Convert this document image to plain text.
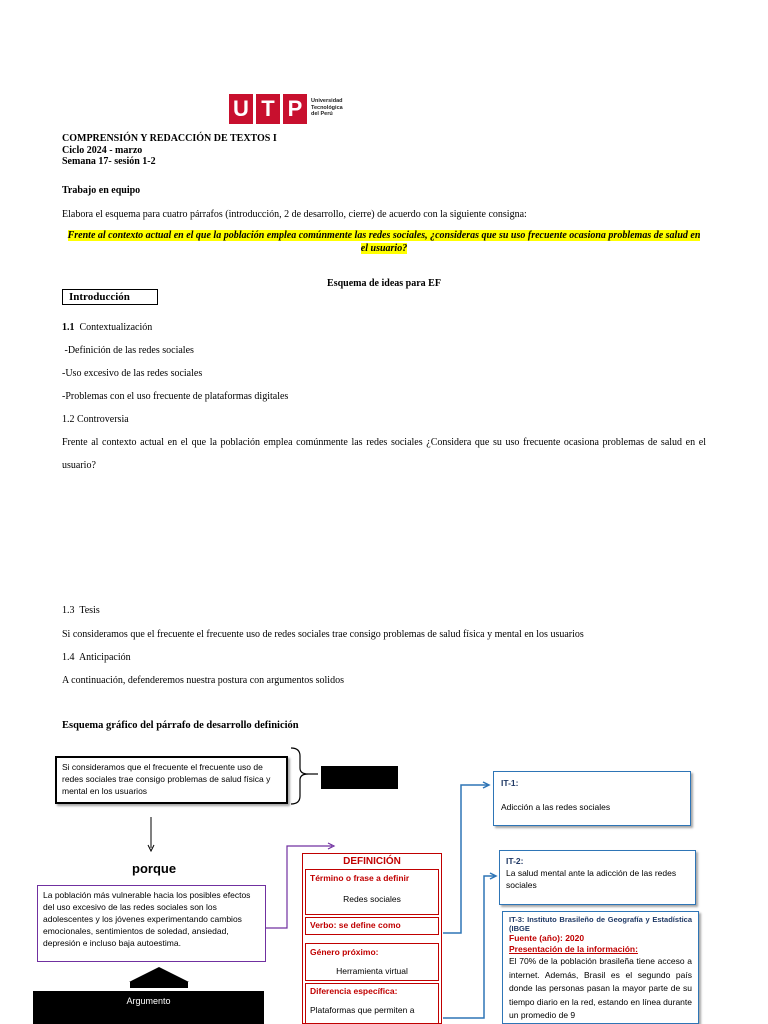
U T P	Universidad
Tecnológica
del Perú
COMPRENSIÓN Y REDACCIÓN DE TEXTOS I
Ciclo 2024 - marzo
Semana 17- sesión 1-2
Trabajo en equipo
Elabora el esquema para cuatro párrafos (introducción, 2 de desarrollo, cierre) de acuerdo con la siguiente consigna:
Frente al contexto actual en el que la población emplea comúnmente las redes sociales, ¿consideras que su uso frecuente ocasiona problemas de salud en
el usuario?
Esquema de ideas para EF
Introducción
1.1 Contextualización
-Definición de las redes sociales
-Uso excesivo de las redes sociales
-Problemas con el uso frecuente de plataformas digitales
1.2 Controversia
Frente al contexto actual en el que la población emplea comúnmente las redes sociales ¿Considera que su uso frecuente ocasiona problemas de salud en el
usuario?
1.3  Tesis
Si consideramos que el frecuente el frecuente uso de redes sociales trae consigo problemas de salud física y mental en los usuarios
1.4  Anticipación
A continuación, defenderemos nuestra postura con argumentos solidos
Esquema gráfico del párrafo de desarrollo definición
Si consideramos que el frecuente el frecuente uso de redes sociales trae consigo problemas de salud física y mental en los usuarios
porque
La población más vulnerable hacia los posibles efectos del uso excesivo de las redes sociales son los adolescentes y los jóvenes experimentando cambios emocionales, sentimientos de soledad, ansiedad, depresión e incluso baja autoestima.
Argumento
DEFINICIÓN
Término o frase a definir
Redes sociales
Verbo: se define como
Género próximo:
Herramienta virtual
Diferencia específica:
Plataformas que permiten a
IT-1:
Adicción a las redes sociales
IT-2:
La salud mental ante la adicción de las redes sociales
IT-3: Instituto Brasileño de Geografía y Estadística (IBGE
Fuente (año): 2020
Presentación de la información:
El 70% de la población brasileña tiene acceso a internet. Además, Brasil es el segundo país donde las personas pasan la mayor parte de su tiempo diario en la red, estando en línea durante un promedio de 9
